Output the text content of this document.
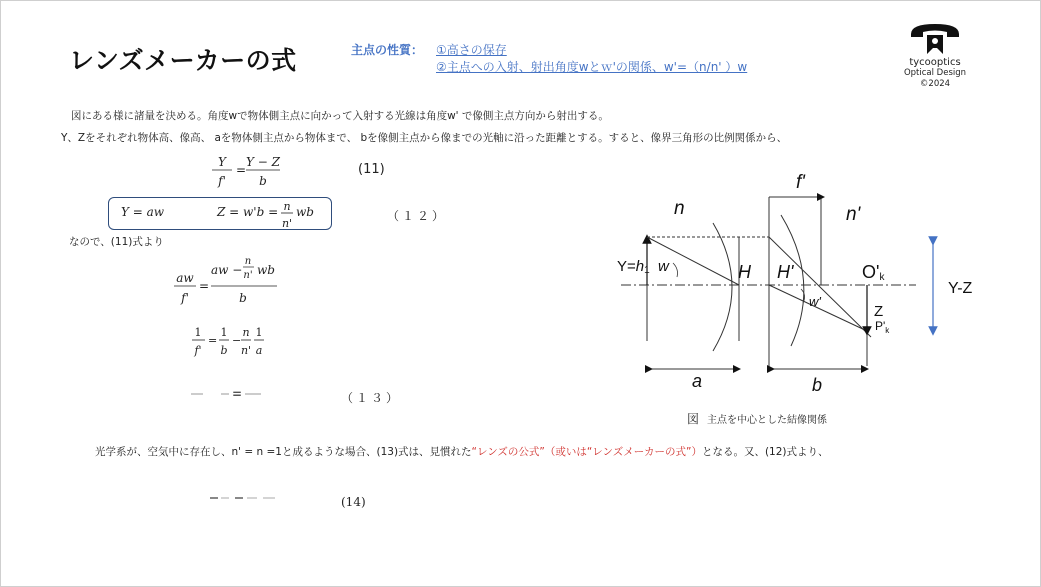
レンズメーカーの式	主点の性質： ①高さの保存
②主点への入射、射出角度wとｗ'の関係、w'=（n/n' ）w	tycooptics
Optical Design
©2024
図にある様に諸量を決める。角度wで物体側主点に向かって入射する光線は角度w' で像側主点方向から射出する。
Y、Zをそれぞれ物体高、像高、 aを物体側主点から物体まで、 bを像側主点から像までの光軸に沿った距離とする。すると、像界三角形の比例関係から、
Y
f'
=
Y − Z
b
(11)
Y = aw	Z = w'b = n
n'
wb	（１２）
なので、(11)式より
aw
f'
=
aw −
n
n' wb
b
1
f'
=
1
b
−
n
n'
1
a
=	（１３）
光学系が、空気中に存在し、n' = n =1と成るような場合、(13)式は、見慣れた“レンズの公式”（或いは“レンズメーカーの式”）となる。又、(12)式より、
(14)
f'
n	n'
Y=h1 w	H H'	O'k
w'
Z
$P'_k$
Y-Z
a	b
図 主点を中心とした結像関係
